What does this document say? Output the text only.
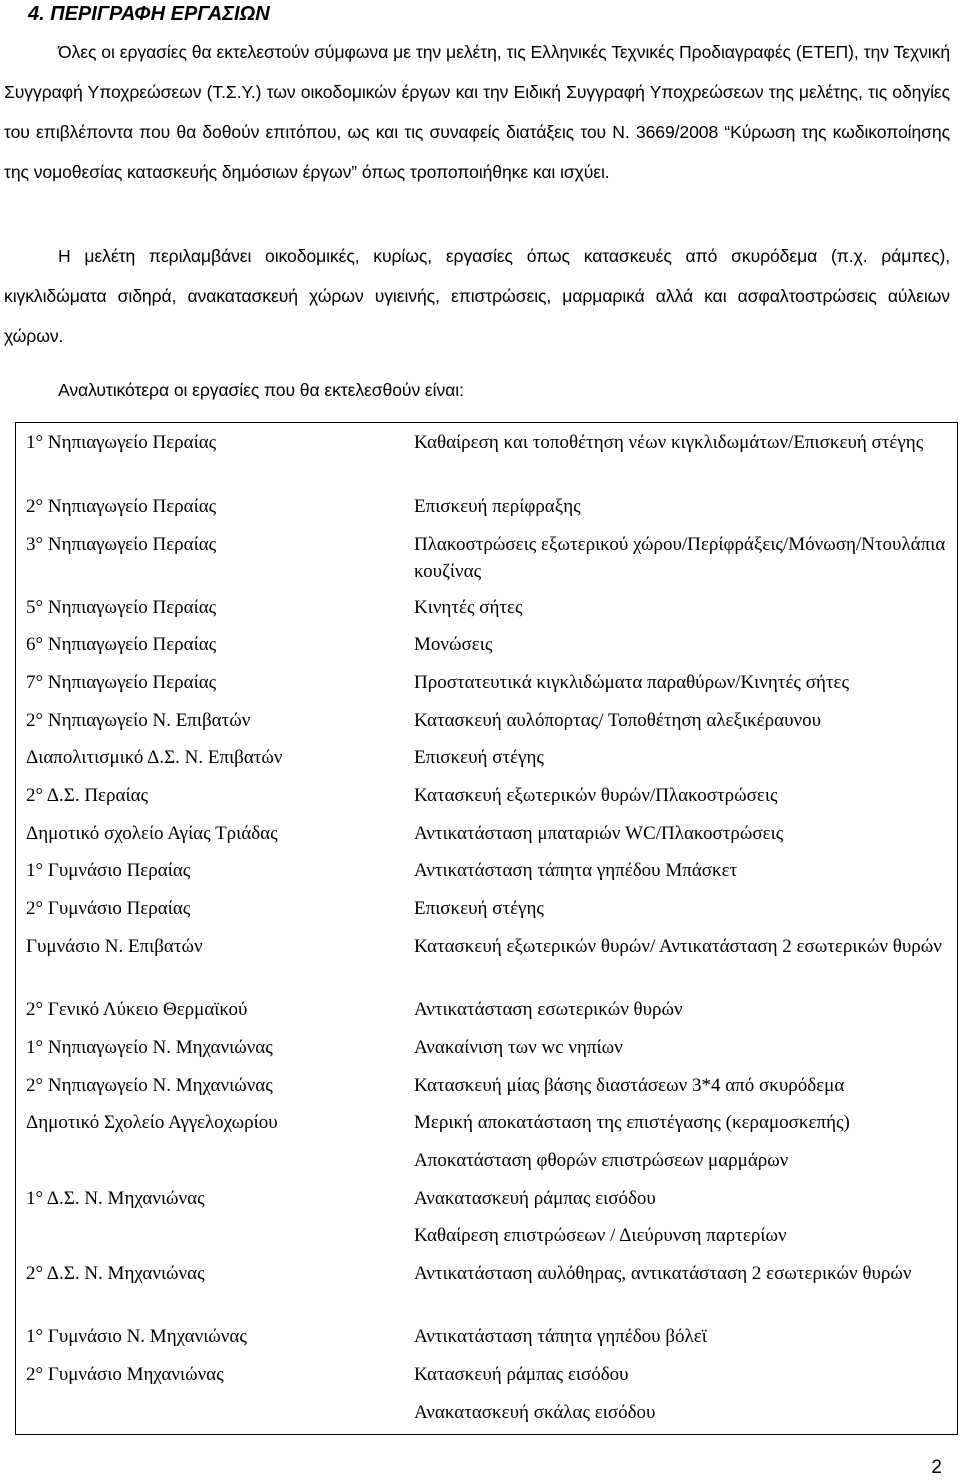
4. ΠΕΡΙΓΡΑΦΗ ΕΡΓΑΣΙΩΝ

Όλες οι εργασίες θα εκτελεστούν σύμφωνα με την μελέτη, τις Ελληνικές Τεχνικές Προδιαγραφές (ΕΤΕΠ), την Τεχνική Συγγραφή Υποχρεώσεων (Τ.Σ.Υ.) των οικοδομικών έργων και την Ειδική Συγγραφή Υποχρεώσεων της μελέτης, τις οδηγίες του επιβλέποντα που θα δοθούν επιτόπου, ως και τις συναφείς διατάξεις του Ν. 3669/2008 “Κύρωση της κωδικοποίησης της νομοθεσίας κατασκευής δημόσιων έργων” όπως τροποποιήθηκε και ισχύει.

Η μελέτη περιλαμβάνει οικοδομικές, κυρίως, εργασίες όπως κατασκευές από σκυρόδεμα (π.χ. ράμπες), κιγκλιδώματα σιδηρά, ανακατασκευή χώρων υγιεινής, επιστρώσεις, μαρμαρικά αλλά και ασφαλτοστρώσεις αύλειων χώρων.

Αναλυτικότερα οι εργασίες που θα εκτελεσθούν είναι:

1° Νηπιαγωγείο Περαίας	Καθαίρεση και τοποθέτηση νέων κιγκλιδωμάτων/Επισκευή στέγης
2° Νηπιαγωγείο Περαίας	Επισκευή περίφραξης
3° Νηπιαγωγείο Περαίας	Πλακοστρώσεις εξωτερικού χώρου/Περίφράξεις/Μόνωση/Ντουλάπια κουζίνας
5° Νηπιαγωγείο Περαίας	Κινητές σήτες
6° Νηπιαγωγείο Περαίας	Μονώσεις
7° Νηπιαγωγείο Περαίας	Προστατευτικά κιγκλιδώματα παραθύρων/Κινητές σήτες
2° Νηπιαγωγείο Ν. Επιβατών	Κατασκευή αυλόπορτας/ Τοποθέτηση αλεξικέραυνου
Διαπολιτισμικό Δ.Σ. Ν. Επιβατών	Επισκευή στέγης
2° Δ.Σ. Περαίας	Κατασκευή εξωτερικών θυρών/Πλακοστρώσεις
Δημοτικό σχολείο Αγίας Τριάδας	Αντικατάσταση μπαταριών WC/Πλακοστρώσεις
1° Γυμνάσιο Περαίας	Αντικατάσταση τάπητα γηπέδου Μπάσκετ
2° Γυμνάσιο Περαίας	Επισκευή στέγης
Γυμνάσιο Ν. Επιβατών	Κατασκευή εξωτερικών θυρών/ Αντικατάσταση 2 εσωτερικών θυρών
2° Γενικό Λύκειο Θερμαϊκού	Αντικατάσταση εσωτερικών θυρών
1° Νηπιαγωγείο Ν. Μηχανιώνας	Ανακαίνιση των wc νηπίων
2° Νηπιαγωγείο Ν. Μηχανιώνας	Κατασκευή μίας βάσης διαστάσεων 3*4 από σκυρόδεμα
Δημοτικό Σχολείο Αγγελοχωρίου	Μερική αποκατάσταση της επιστέγασης (κεραμοσκεπής)
Αποκατάσταση φθορών επιστρώσεων μαρμάρων
1° Δ.Σ. Ν. Μηχανιώνας	Ανακατασκευή ράμπας εισόδου
Καθαίρεση επιστρώσεων / Διεύρυνση παρτερίων
2° Δ.Σ. Ν. Μηχανιώνας	Αντικατάσταση αυλόθηρας, αντικατάσταση 2 εσωτερικών θυρών
1° Γυμνάσιο Ν. Μηχανιώνας	Αντικατάσταση τάπητα γηπέδου βόλεϊ
2° Γυμνάσιο Μηχανιώνας	Κατασκευή ράμπας εισόδου
Ανακατασκευή σκάλας εισόδου
2
